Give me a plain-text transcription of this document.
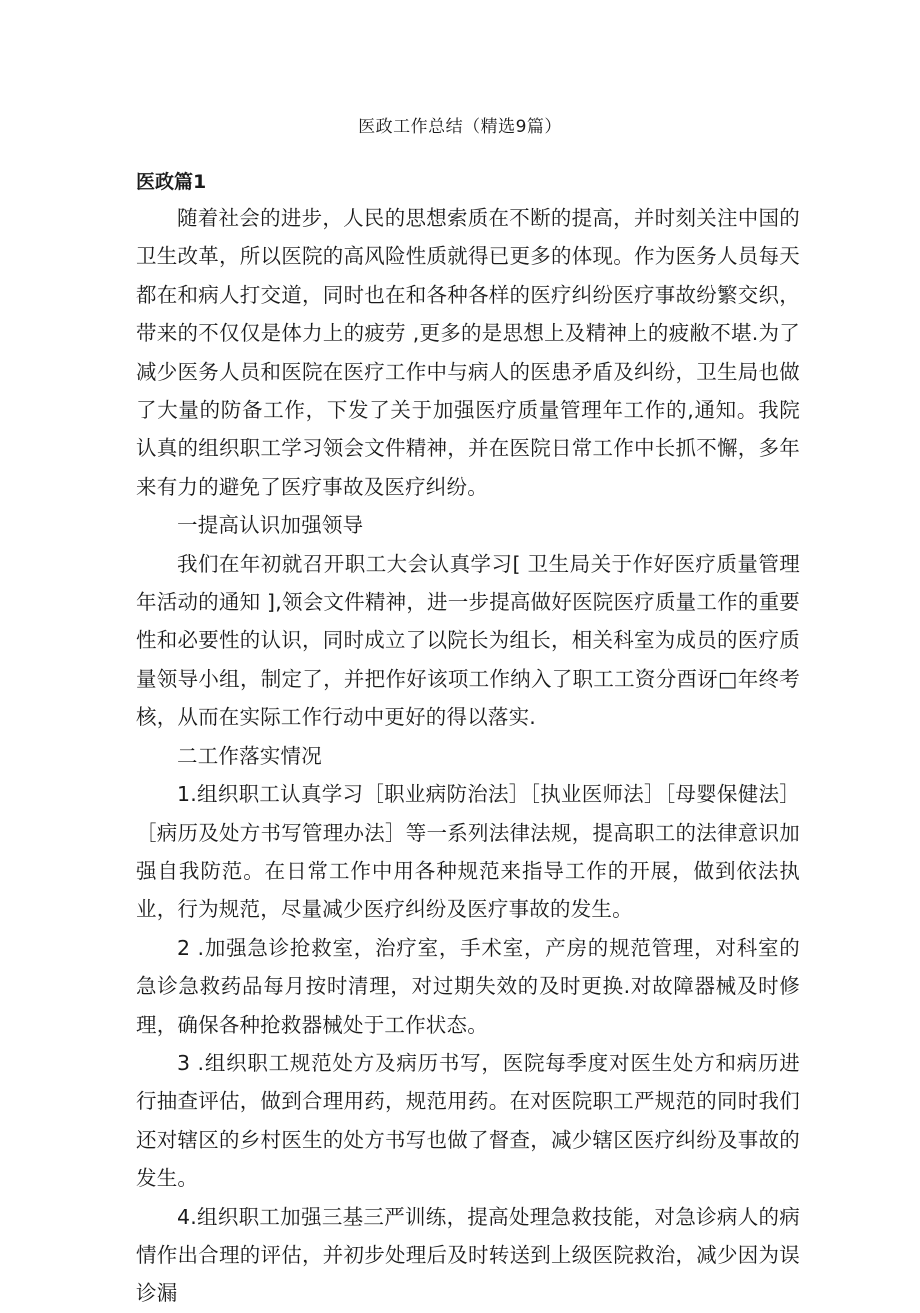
医政工作总结（精选9篇）
医政篇1

随着社会的进步，人民的思想索质在不断的提高，并时刻关注中国的卫生改革，所以医院的高风险性质就得已更多的体现。作为医务人员每天都在和病人打交道，同时也在和各种各样的医疗纠纷医疗事故纷繁交织，带来的不仅仅是体力上的疲劳 ,更多的是思想上及精神上的疲敝不堪.为了减少医务人员和医院在医疗工作中与病人的医患矛盾及纠纷，卫生局也做了大量的防备工作，下发了关于加强医疗质量管理年工作的,通知。我院认真的组织职工学习领会文件精神，并在医院日常工作中长抓不懈，多年来有力的避免了医疗事故及医疗纠纷。

一提高认识加强领导

我们在年初就召开职工大会认真学习[ 卫生局关于作好医疗质量管理年活动的通知 ],领会文件精神，进一步提高做好医院医疗质量工作的重要性和必要性的认识，同时成立了以院长为组长，相关科室为成员的医疗质量领导小组，制定了，并把作好该项工作纳入了职工工资分酉讶□年终考核，从而在实际工作行动中更好的得以落实.

二工作落实情况

1.组织职工认真学习［职业病防治法］［执业医师法］［母婴保健法］［病历及处方书写管理办法］等一系列法律法规，提高职工的法律意识加强自我防范。在日常工作中用各种规范来指导工作的开展，做到依法执业，行为规范，尽量减少医疗纠纷及医疗事故的发生。

2 .加强急诊抢救室，治疗室，手术室，产房的规范管理，对科室的急诊急救药品每月按时清理，对过期失效的及时更换.对故障器械及时修理，确保各种抢救器械处于工作状态。

3 .组织职工规范处方及病历书写，医院每季度对医生处方和病历进行抽查评估，做到合理用药，规范用药。在对医院职工严规范的同时我们还对辖区的乡村医生的处方书写也做了督查，减少辖区医疗纠纷及事故的发生。

4.组织职工加强三基三严训练，提高处理急救技能，对急诊病人的病情作出合理的评估，并初步处理后及时转送到上级医院救治，减少因为误诊漏
